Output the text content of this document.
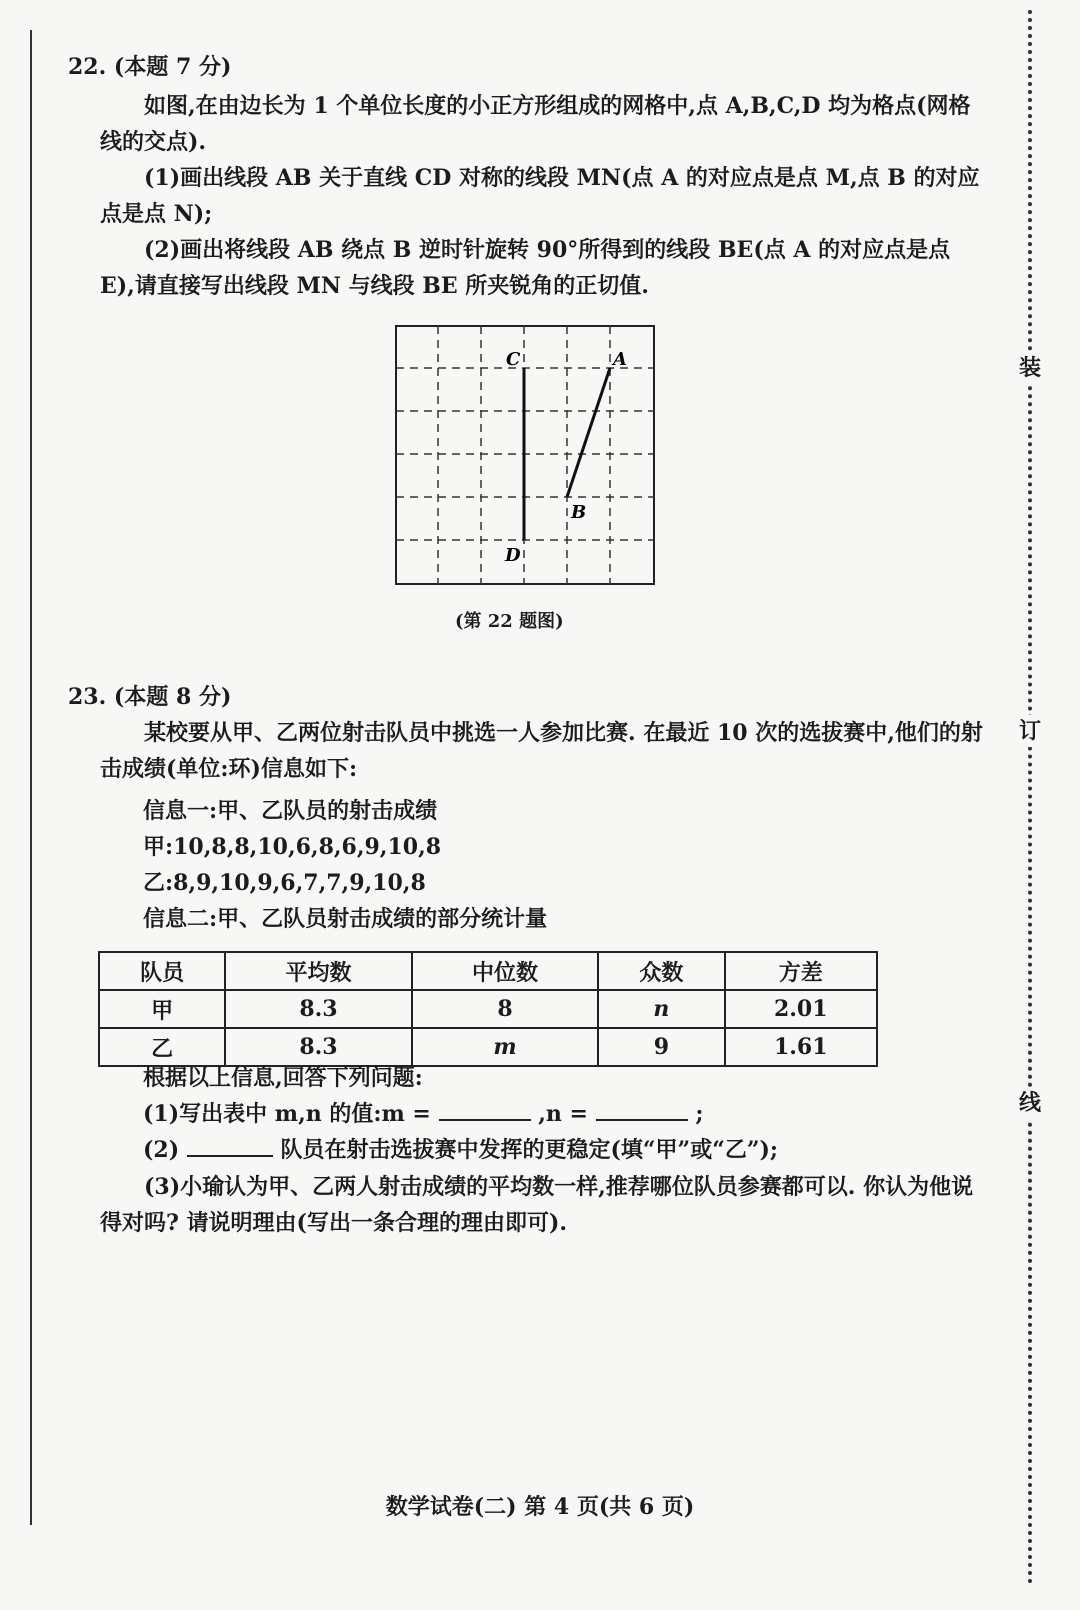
装
订
线
22. (本题 7 分)
如图,在由边长为 1 个单位长度的小正方形组成的网格中,点 A,B,C,D 均为格点(网格线的交点).
(1)画出线段 AB 关于直线 CD 对称的线段 MN(点 A 的对应点是点 M,点 B 的对应点是点 N);
(2)画出将线段 AB 绕点 B 逆时针旋转 90°所得到的线段 BE(点 A 的对应点是点 E),请直接写出线段 MN 与线段 BE 所夹锐角的正切值.
C	A
B
D
(第 22 题图)
23. (本题 8 分)
某校要从甲、乙两位射击队员中挑选一人参加比赛. 在最近 10 次的选拔赛中,他们的射击成绩(单位:环)信息如下:
信息一:甲、乙队员的射击成绩
甲:10,8,8,10,6,8,6,9,10,8
乙:8,9,10,9,6,7,7,9,10,8
信息二:甲、乙队员射击成绩的部分统计量
队员	平均数	中位数	众数	方差
甲	8.3	8	n	2.01
乙	8.3	m	9	1.61
根据以上信息,回答下列问题:
(1)写出表中 m,n 的值:m =	,n =	;
(2)	队员在射击选拔赛中发挥的更稳定(填“甲”或“乙”);
(3)小瑜认为甲、乙两人射击成绩的平均数一样,推荐哪位队员参赛都可以. 你认为他说得对吗? 请说明理由(写出一条合理的理由即可).
数学试卷(二) 第 4 页(共 6 页)
